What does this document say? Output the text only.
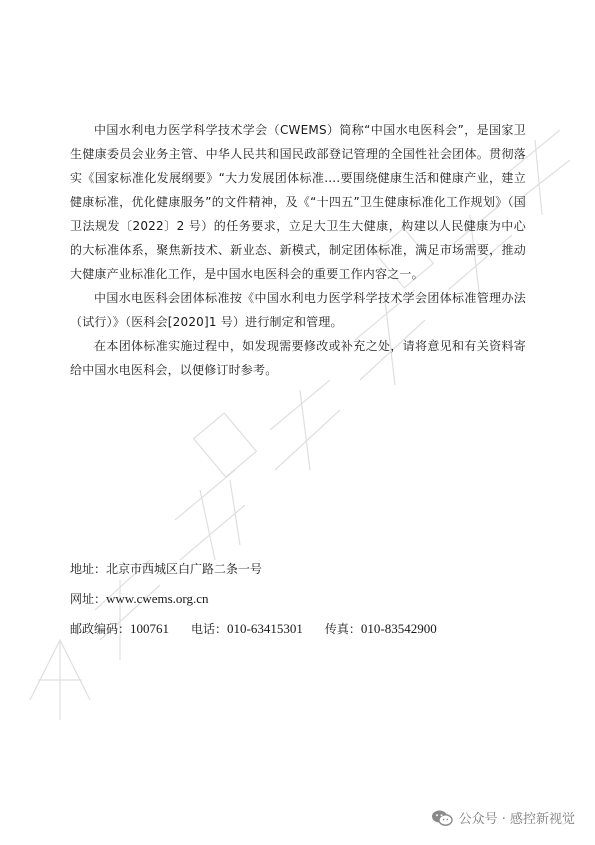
中国水利电力医学科学技术学会（CWEMS）简称“中国水电医科会”，是国家卫生健康委员会业务主管、中华人民共和国民政部登记管理的全国性社会团体。贯彻落实《国家标准化发展纲要》“大力发展团体标准....要围绕健康生活和健康产业，建立健康标准，优化健康服务”的文件精神，及《“十四五”卫生健康标准化工作规划》（国卫法规发〔2022〕2 号）的任务要求，立足大卫生大健康，构建以人民健康为中心的大标准体系，聚焦新技术、新业态、新模式，制定团体标准，满足市场需要，推动大健康产业标准化工作，是中国水电医科会的重要工作内容之一。

中国水电医科会团体标准按《中国水利电力医学科学技术学会团体标准管理办法（试行）》（医科会[2020]1 号）进行制定和管理。

在本团体标准实施过程中，如发现需要修改或补充之处，请将意见和有关资料寄给中国水电医科会，以便修订时参考。

地址：北京市西城区白广路二条一号
网址：www.cwems.org.cn
邮政编码：100761 电话：010-63415301 传真：010-83542900
公众号 · 感控新视觉
